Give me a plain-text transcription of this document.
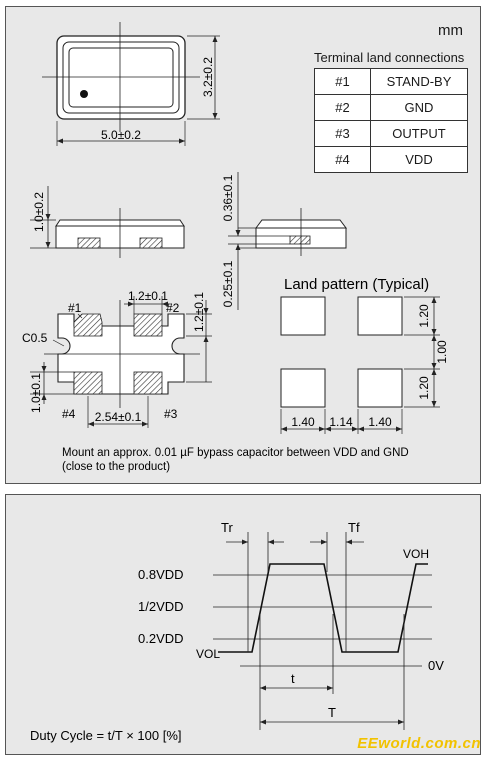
mm
Terminal land connections
#1	STAND-BY
#2	GND
#3	OUTPUT
#4	VDD
5.0±0.2
3.2±0.2
1.0±0.2	0.36±0.1
0.25±0.1
#1	#2
#4	#3
C0.5
1.2±0.1 1.2±0.1
1.0±0.1
2.54±0.1
Land pattern (Typical)
1.20
1.00
1.20
1.40 1.14 1.40
Mount an approx. 0.01 µF bypass capacitor between VDD and GND
(close to the product)
Tr	Tf
VOH
VOL
0.8VDD
1/2VDD
0.2VDD
0V
t
T
Duty Cycle = t/T × 100 [%]	EEworld.com.cn
